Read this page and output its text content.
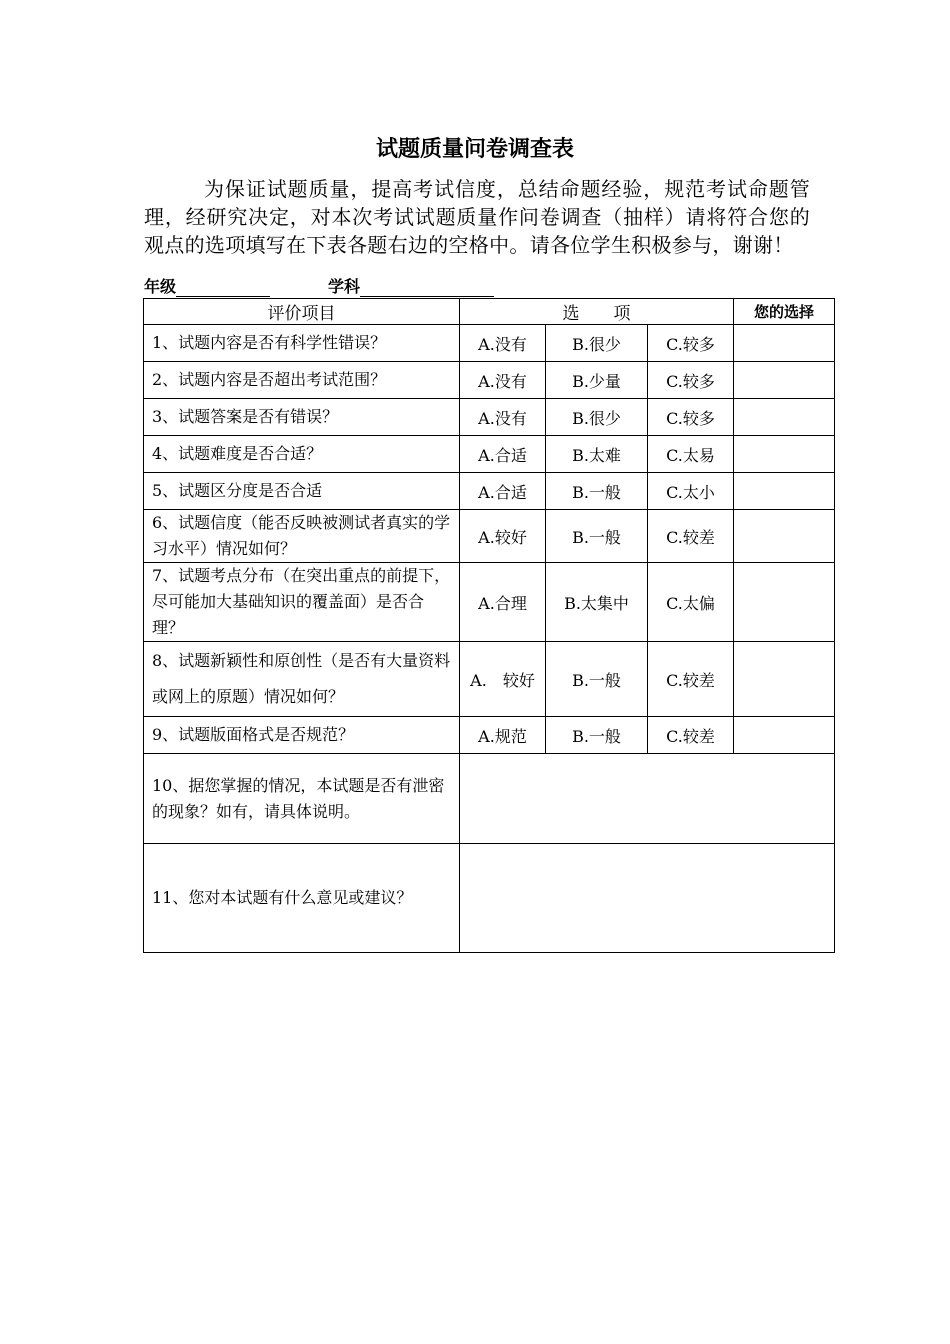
试题质量问卷调查表
为保证试题质量，提高考试信度，总结命题经验，规范考试命题管理，经研究决定，对本次考试试题质量作问卷调查（抽样）请将符合您的观点的选项填写在下表各题右边的空格中。请各位学生积极参与，谢谢！
年级	学科
评价项目	选　　项			您的选择
1、试题内容是否有科学性错误？	A.没有	B.很少	C.较多	
2、试题内容是否超出考试范围？	A.没有	B.少量	C.较多	
3、试题答案是否有错误？	A.没有	B.很少	C.较多	
4、试题难度是否合适？	A.合适	B.太难	C.太易	
5、试题区分度是否合适	A.合适	B.一般	C.太小	
6、试题信度（能否反映被测试者真实的学习水平）情况如何？	A.较好	B.一般	C.较差	
7、试题考点分布（在突出重点的前提下，尽可能加大基础知识的覆盖面）是否合理？	A.合理	B.太集中	C.太偏	
8、试题新颖性和原创性（是否有大量资料或网上的原题）情况如何？	A.　较好	B.一般	C.较差	
9、试题版面格式是否规范？	A.规范	B.一般	C.较差	
10、据您掌握的情况，本试题是否有泄密的现象？如有，请具体说明。				
11、您对本试题有什么意见或建议？				
